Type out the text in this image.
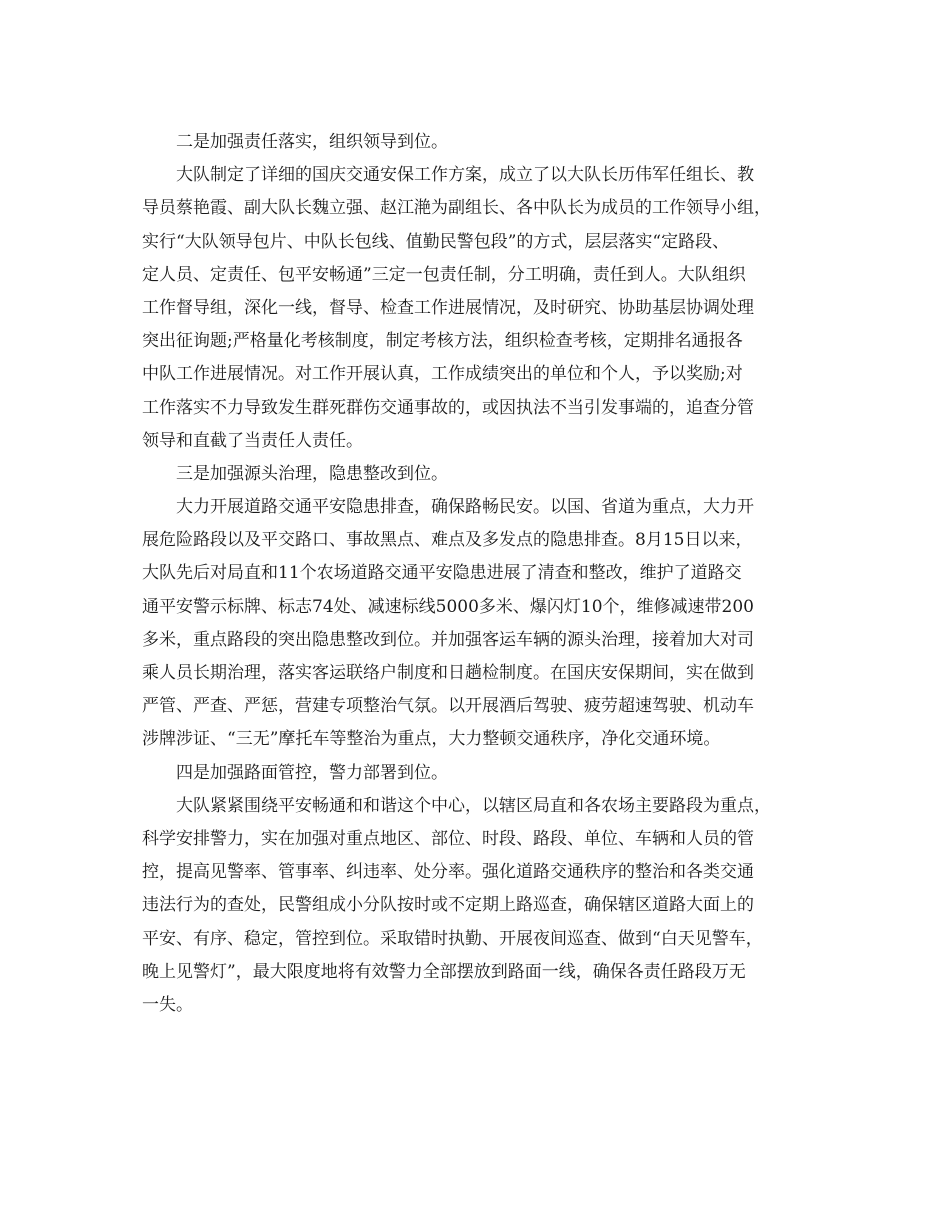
二是加强责任落实，组织领导到位。
大队制定了详细的国庆交通安保工作方案，成立了以大队长历伟军任组长、教
导员蔡艳霞、副大队长魏立强、赵江滟为副组长、各中队长为成员的工作领导小组，
实行“大队领导包片、中队长包线、值勤民警包段”的方式，层层落实“定路段、
定人员、定责任、包平安畅通”三定一包责任制，分工明确，责任到人。大队组织
工作督导组，深化一线，督导、检查工作进展情况，及时研究、协助基层协调处理
突出征询题;严格量化考核制度，制定考核方法，组织检查考核，定期排名通报各
中队工作进展情况。对工作开展认真，工作成绩突出的单位和个人，予以奖励;对
工作落实不力导致发生群死群伤交通事故的，或因执法不当引发事端的，追查分管
领导和直截了当责任人责任。
三是加强源头治理，隐患整改到位。
大力开展道路交通平安隐患排查，确保路畅民安。以国、省道为重点，大力开
展危险路段以及平交路口、事故黑点、难点及多发点的隐患排查。8月15日以来，
大队先后对局直和11个农场道路交通平安隐患进展了清查和整改，维护了道路交
通平安警示标牌、标志74处、减速标线5000多米、爆闪灯10个，维修减速带200
多米，重点路段的突出隐患整改到位。并加强客运车辆的源头治理，接着加大对司
乘人员长期治理，落实客运联络户制度和日趟检制度。在国庆安保期间，实在做到
严管、严查、严惩，营建专项整治气氛。以开展酒后驾驶、疲劳超速驾驶、机动车
涉牌涉证、“三无”摩托车等整治为重点，大力整顿交通秩序，净化交通环境。
四是加强路面管控，警力部署到位。
大队紧紧围绕平安畅通和和谐这个中心，以辖区局直和各农场主要路段为重点，
科学安排警力，实在加强对重点地区、部位、时段、路段、单位、车辆和人员的管
控，提高见警率、管事率、纠违率、处分率。强化道路交通秩序的整治和各类交通
违法行为的查处，民警组成小分队按时或不定期上路巡查，确保辖区道路大面上的
平安、有序、稳定，管控到位。采取错时执勤、开展夜间巡查、做到“白天见警车，
晚上见警灯”，最大限度地将有效警力全部摆放到路面一线，确保各责任路段万无
一失。
